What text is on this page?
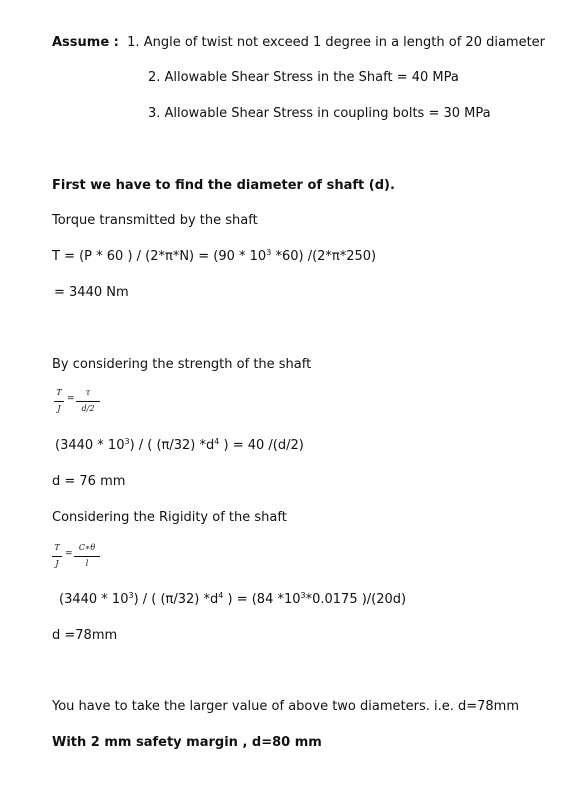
Assume : 1. Angle of twist not exceed 1 degree in a length of 20 diameter
2. Allowable Shear Stress in the Shaft = 40 MPa
3. Allowable Shear Stress in coupling bolts = 30 MPa
First we have to find the diameter of shaft (d).
Torque transmitted by the shaft
T = (P * 60 ) / $(2*\pi*N) = (90 * 10^3$ *60) /(2*π*250)
= 3440 Nm
By considering the strength of the shaft
T
J
=
τ
d/2
$(3440 * 10^3)$ / ( (π/32) $*d^4$ ) = 40 /(d/2)
d = 76 mm
Considering the Rigidity of the shaft
T
J
=
C∗θ
l
$(3440 * 10^3)$ / ( (π/32) $*d^4$ ) = (84 $*10^3*0.0175$ )/(20d)
d =78mm
You have to take the larger value of above two diameters. i.e. d=78mm
With 2 mm safety margin , d=80 mm
